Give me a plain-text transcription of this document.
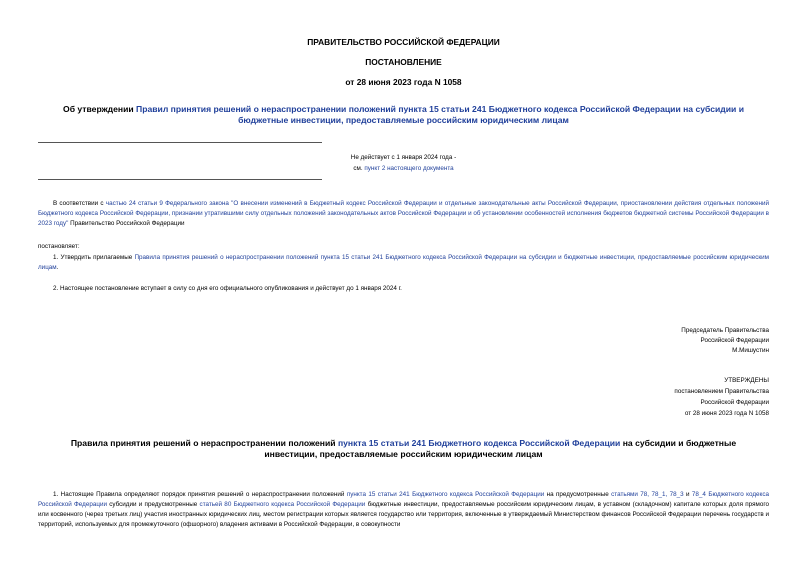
ПРАВИТЕЛЬСТВО РОССИЙСКОЙ ФЕДЕРАЦИИ
ПОСТАНОВЛЕНИЕ
от 28 июня 2023 года N 1058
Об утверждении Правил принятия решений о нераспространении положений пункта 15 статьи 241 Бюджетного кодекса Российской Федерации на субсидии и бюджетные инвестиции, предоставляемые российским юридическим лицам
Не действует с 1 января 2024 года -
см. пункт 2 настоящего документа
В соответствии с частью 24 статьи 9 Федерального закона "О внесении изменений в Бюджетный кодекс Российской Федерации и отдельные законодательные акты Российской Федерации, приостановлении действия отдельных положений Бюджетного кодекса Российской Федерации, признании утратившими силу отдельных положений законодательных актов Российской Федерации и об установлении особенностей исполнения бюджетов бюджетной системы Российской Федерации в 2023 году" Правительство Российской Федерации
постановляет:
1. Утвердить прилагаемые Правила принятия решений о нераспространении положений пункта 15 статьи 241 Бюджетного кодекса Российской Федерации на субсидии и бюджетные инвестиции, предоставляемые российским юридическим лицам.
2. Настоящее постановление вступает в силу со дня его официального опубликования и действует до 1 января 2024 г.
Председатель Правительства
Российской Федерации
М.Мишустин
УТВЕРЖДЕНЫ
постановлением Правительства
Российской Федерации
от 28 июня 2023 года N 1058
Правила принятия решений о нераспространении положений пункта 15 статьи 241 Бюджетного кодекса Российской Федерации на субсидии и бюджетные инвестиции, предоставляемые российским юридическим лицам
1. Настоящие Правила определяют порядок принятия решений о нераспространении положений пункта 15 статьи 241 Бюджетного кодекса Российской Федерации на предусмотренные статьями 78, 78_1, 78_3 и 78_4 Бюджетного кодекса Российской Федерации субсидии и предусмотренные статьей 80 Бюджетного кодекса Российской Федерации бюджетные инвестиции, предоставляемые российским юридическим лицам, в уставном (складочном) капитале которых доля прямого или косвенного (через третьих лиц) участия иностранных юридических лиц, местом регистрации которых является государство или территория, включенные в утверждаемый Министерством финансов Российской Федерации перечень государств и территорий, используемых для промежуточного (офшорного) владения активами в Российской Федерации, в совокупности
